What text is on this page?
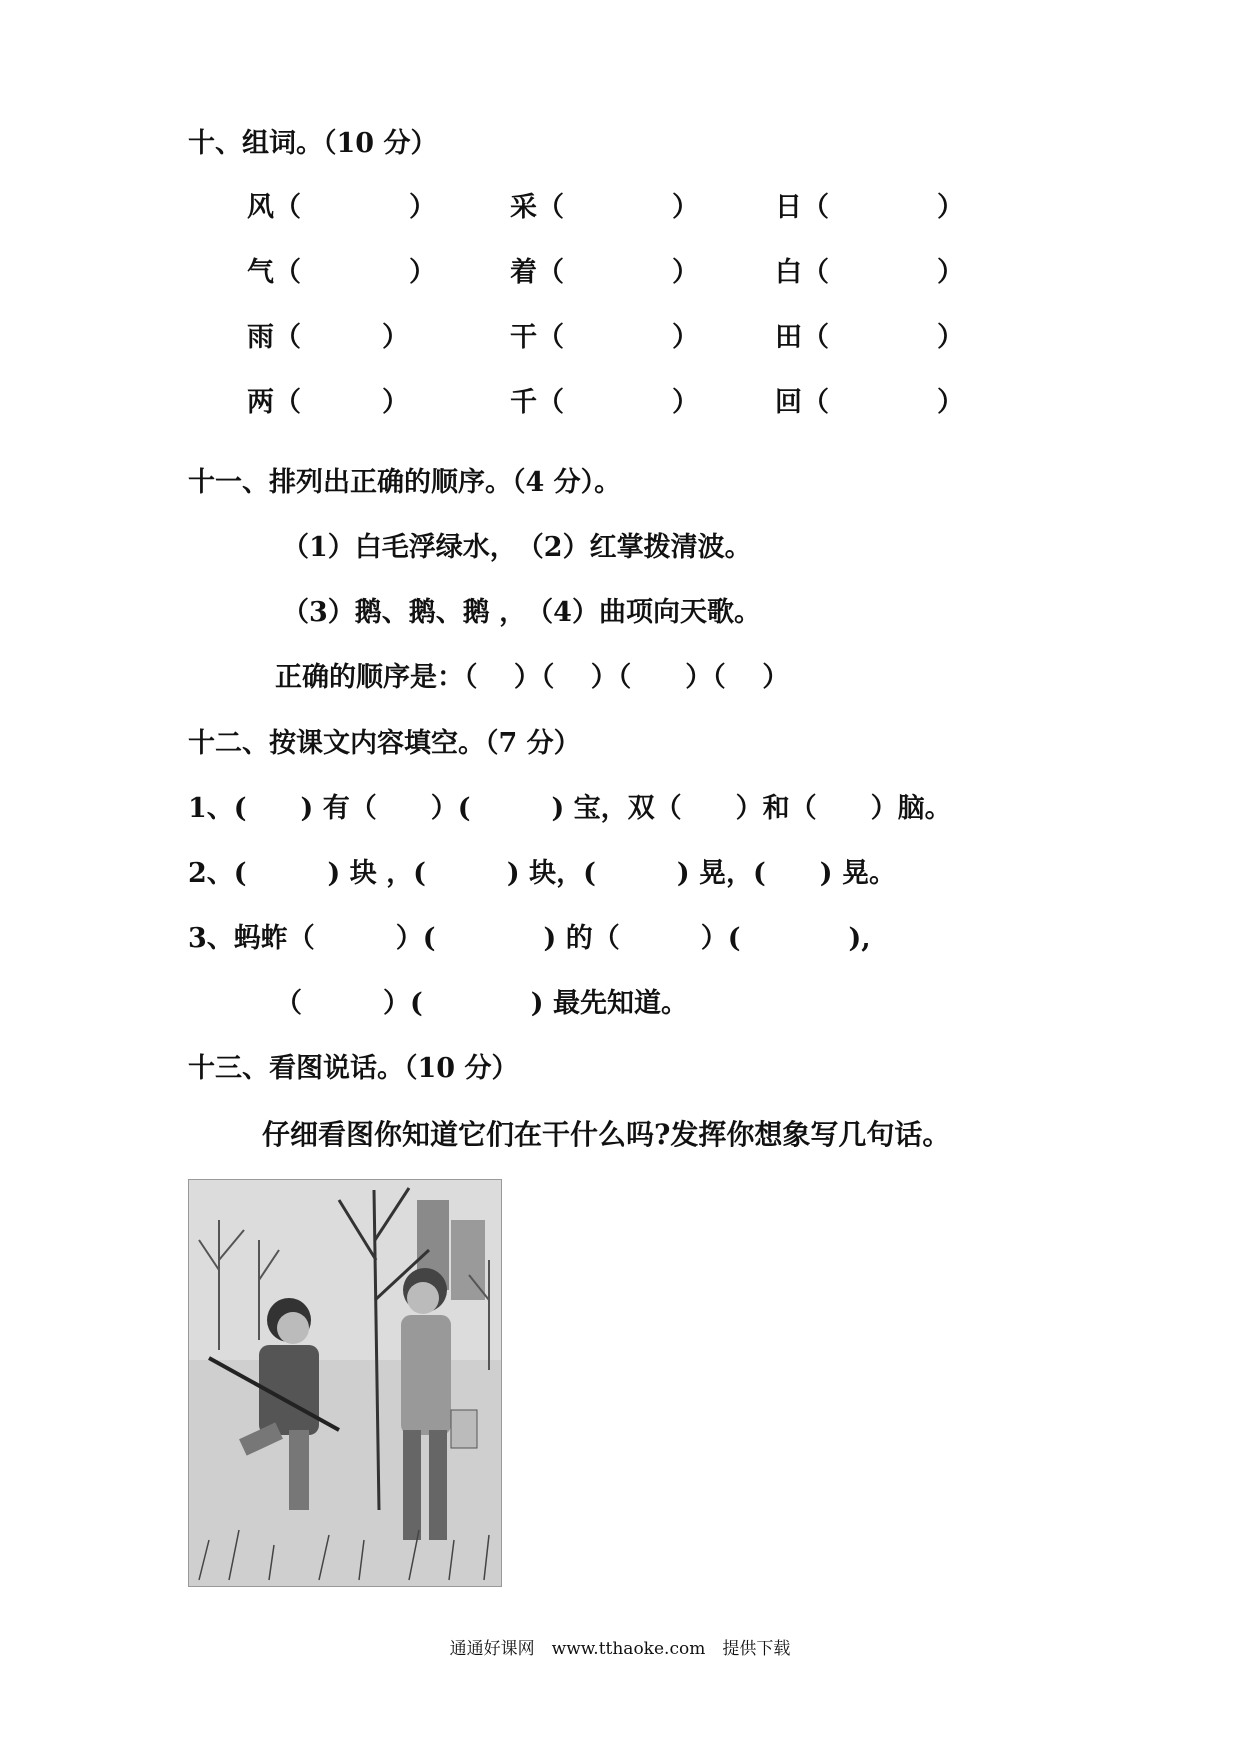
十、组词。（10 分）
风（　　　　）	采（　　　　）	日（　　　　）
气（　　　　）	着（　　　　）	白（　　　　）
雨（　　　）	干（　　　　）	田（　　　　）
两（　　　）	千（　　　　）	回（　　　　）
十一、排列出正确的顺序。（4 分）。
（1）白毛浮绿水，　（2）红掌拨清波。
（3）鹅、鹅、鹅 ，　（4）曲项向天歌。
正确的顺序是：（　 ）（　 ）（　　）（　 ）
十二、按课文内容填空。（7 分）
1、(　　) 有（　　）(　　　) 宝，双（　　）和（　　）脑。
2、(　　　) 块 ，(　　　) 块，(　　　) 晃，(　　) 晃。
3、蚂蚱（　　　）(　　　　) 的（　　　）(　　　　),
（　　　）(　　　　) 最先知道。
十三、看图说话。（10 分）
仔细看图你知道它们在干什么吗?发挥你想象写几句话。
通通好课网　www.tthaoke.com　提供下载
